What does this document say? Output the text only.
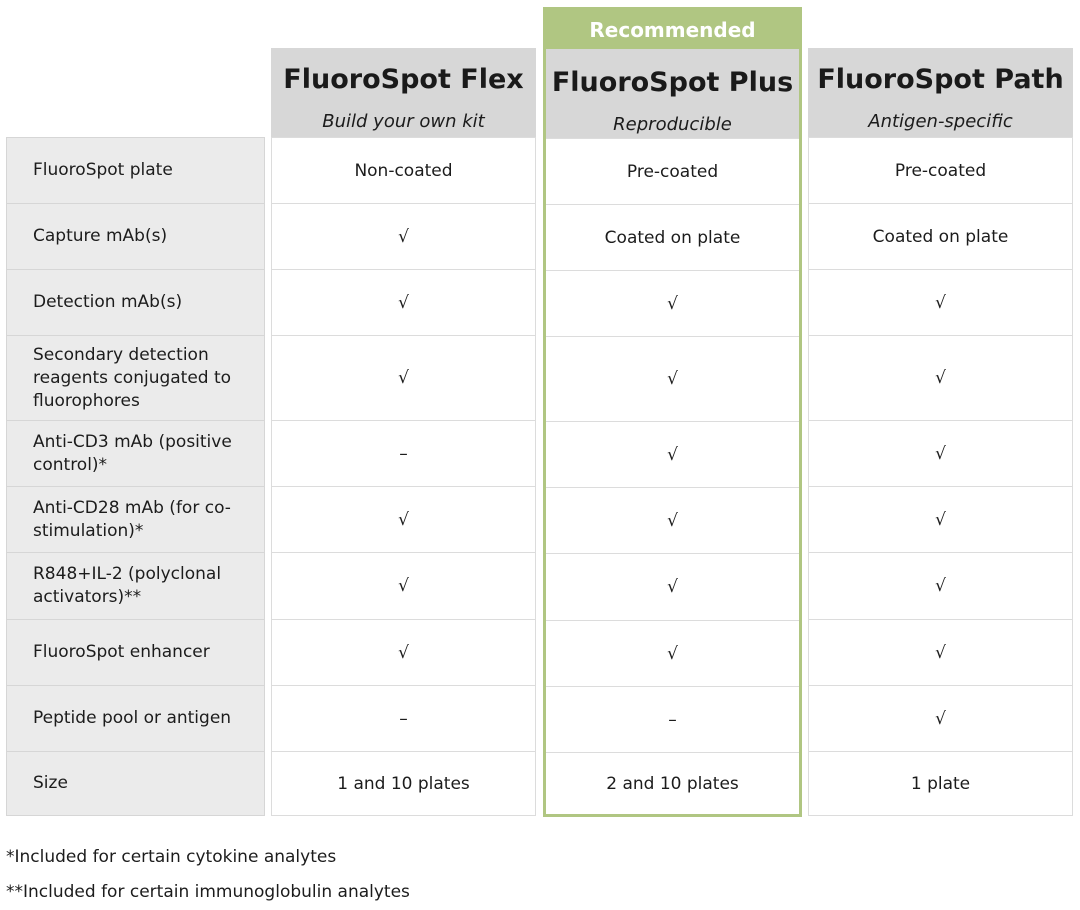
FluoroSpot plate
Capture mAb(s)
Detection mAb(s)
Secondary detection reagents conjugated to fluorophores
Anti-CD3 mAb (positive control)*
Anti-CD28 mAb (for co-stimulation)*
R848+IL-2 (polyclonal activators)**
FluoroSpot enhancer
Peptide pool or antigen
Size
FluoroSpot Flex
Build your own kit
Non-coated
√
√
√
–
√
√
√
–
1 and 10 plates
Recommended
FluoroSpot Plus
Reproducible
Pre-coated
Coated on plate
√
√
√
√
√
√
–
2 and 10 plates
FluoroSpot Path
Antigen-specific
Pre-coated
Coated on plate
√
√
√
√
√
√
√
1 plate
*Included for certain cytokine analytes
**Included for certain immunoglobulin analytes
